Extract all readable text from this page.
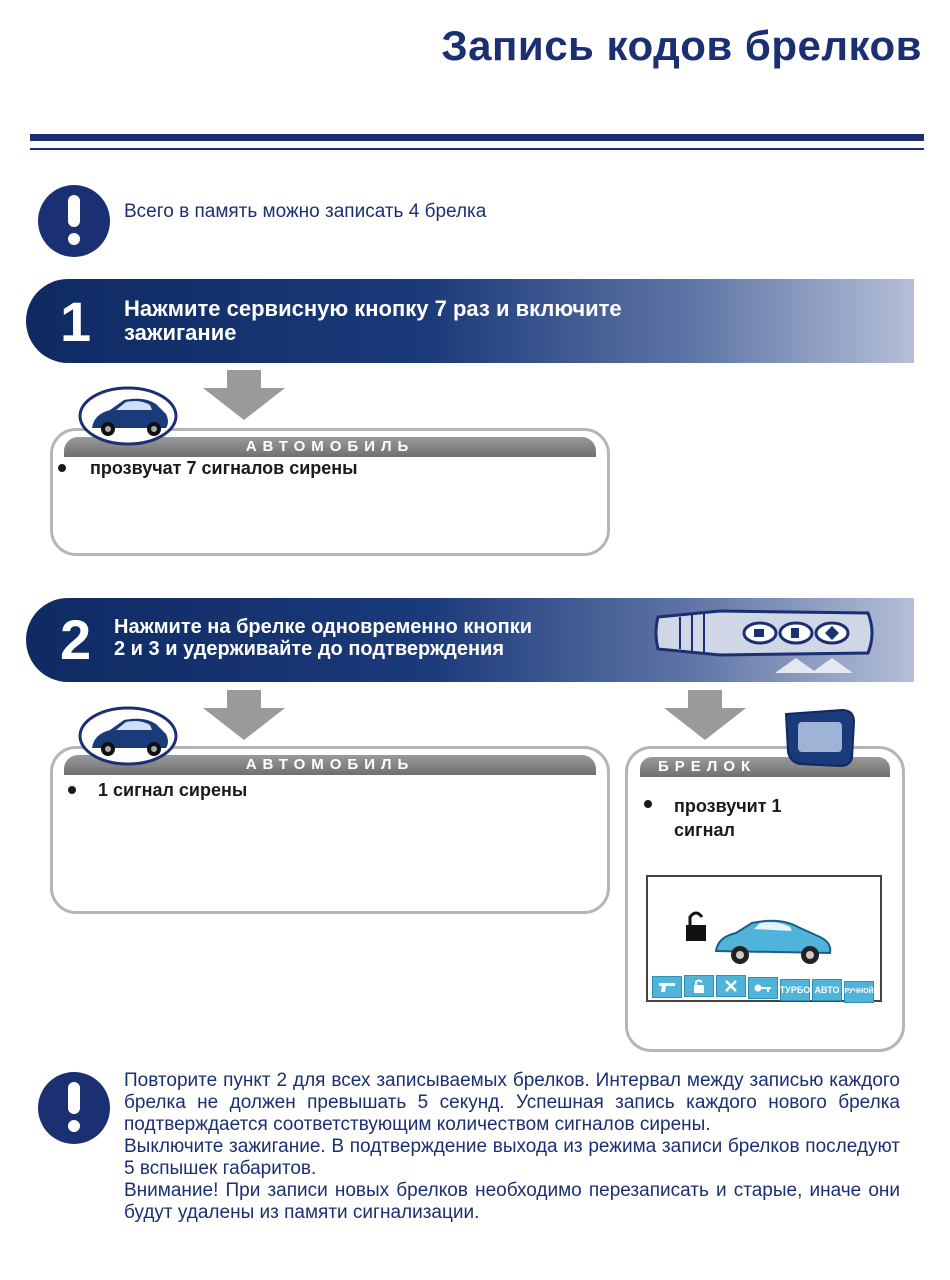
Запись кодов брелков
Всего в память можно записать 4 брелка
1 Нажмите сервисную кнопку 7 раз и включите
зажигание
АВТОМОБИЛЬ
прозвучат 7 сигналов сирены
2 Нажмите на брелке одновременно кнопки
2 и 3 и удерживайте до подтверждения
АВТОМОБИЛЬ
1 сигнал сирены
БРЕЛОК
прозвучит 1
сигнал
ТУРБО АВТО РУЧНОЙ

Повторите пункт 2 для всех записываемых брелков. Интервал между записью каждого брелка не должен превышать 5 секунд. Успешная запись каждого нового брелка подтверждается соответствующим количеством сигналов сирены.

Выключите зажигание. В подтверждение выхода из режима записи брелков последуют 5 вспышек габаритов.

Внимание! При записи новых брелков необходимо перезаписать и старые, иначе они будут удалены из памяти сигнализации.
